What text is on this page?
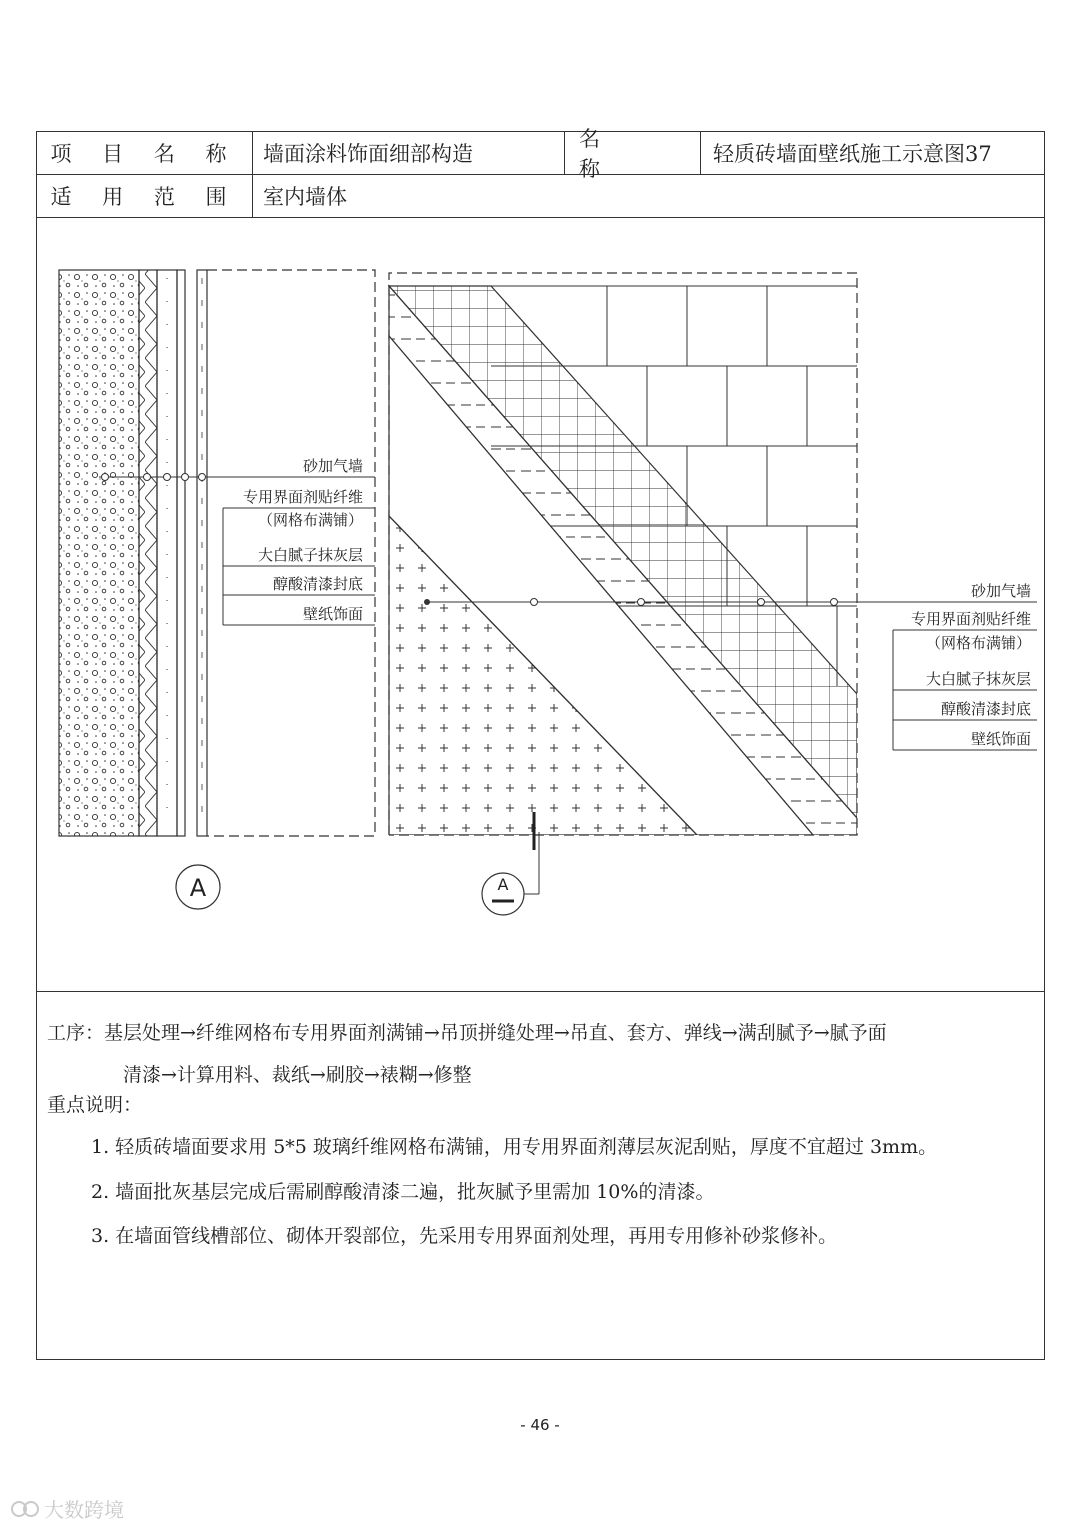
项 目 名 称	墙面涂料饰面细部构造
名 称
轻质砖墙面壁纸施工示意图37
适 用 范 围	室内墙体
砂加气墙
专用界面剂贴纤维
（网格布满铺）
大白腻子抹灰层
醇酸清漆封底
壁纸饰面
A
砂加气墙
专用界面剂贴纤维
（网格布满铺）
大白腻子抹灰层
醇酸清漆封底
壁纸饰面
A
工序：基层处理→纤维网格布专用界面剂满铺→吊顶拼缝处理→吊直、套方、弹线→满刮腻予→腻予面
清漆→计算用料、裁纸→刷胶→裱糊→修整
重点说明：
1. 轻质砖墙面要求用 5*5 玻璃纤维网格布满铺，用专用界面剂薄层灰泥刮贴，厚度不宜超过 3mm。
2. 墙面批灰基层完成后需刷醇酸清漆二遍，批灰腻予里需加 10%的清漆。
3. 在墙面管线槽部位、砌体开裂部位，先采用专用界面剂处理，再用专用修补砂浆修补。
- 46 -
大数跨境
